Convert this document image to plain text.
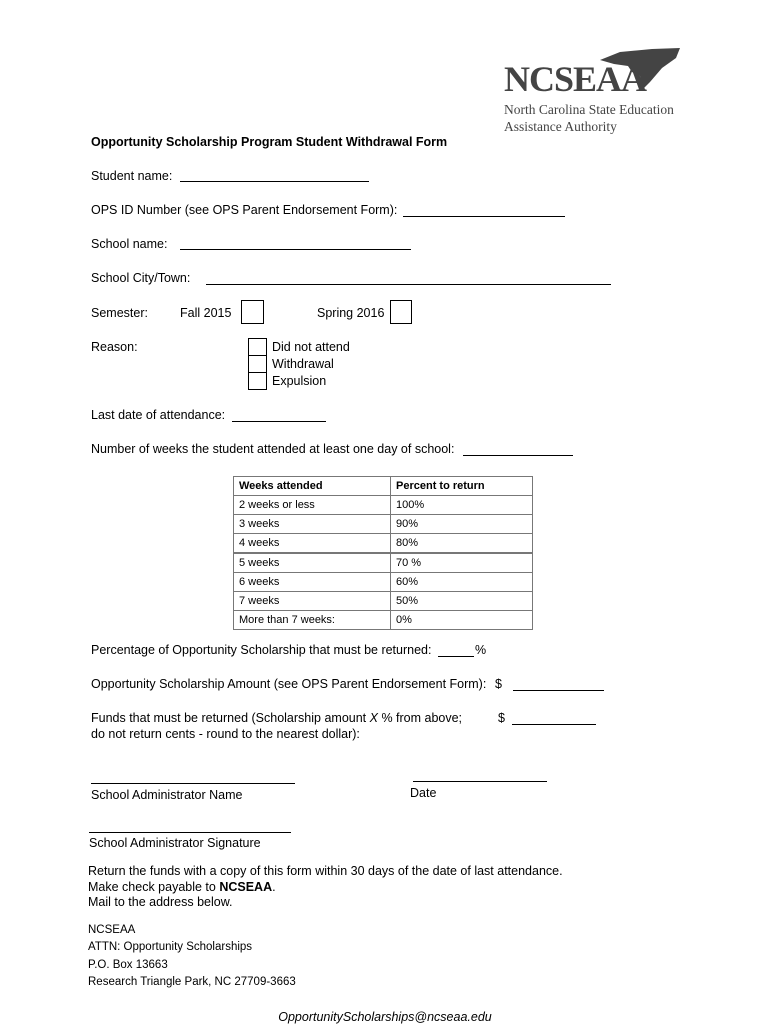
NCSEAA
North Carolina State Education
Assistance Authority
Opportunity Scholarship Program Student Withdrawal Form
Student name:
OPS ID Number (see OPS Parent Endorsement Form):
School name:
School City/Town:
Semester:	Fall 2015	Spring 2016
Reason:	Did not attend
Withdrawal
Expulsion
Last date of attendance:
Number of weeks the student attended at least one day of school:
Weeks attended	Percent to return
2 weeks or less	100%
3 weeks	90%
4 weeks	80%
5 weeks	70 %
6 weeks	60%
7 weeks	50%
More than 7 weeks:	0%
Percentage of Opportunity Scholarship that must be returned:	%
Opportunity Scholarship Amount (see OPS Parent Endorsement Form): $
Funds that must be returned (Scholarship amount X % from above;
do not return cents - round to the nearest dollar):
$
School Administrator Name	Date
School Administrator Signature
Return the funds with a copy of this form within 30 days of the date of last attendance.
Make check payable to NCSEAA.
Mail to the address below.
NCSEAA
ATTN: Opportunity Scholarships
P.O. Box 13663
Research Triangle Park, NC 27709-3663
OpportunityScholarships@ncseaa.edu
